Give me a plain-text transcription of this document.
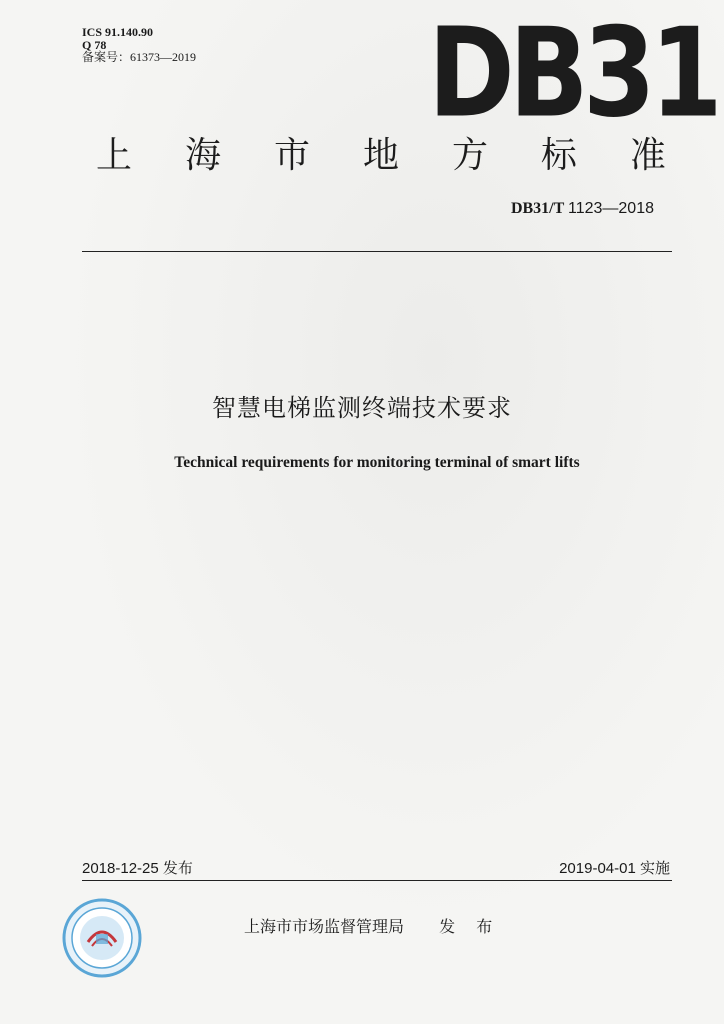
ICS 91.140.90
Q 78
备案号：61373—2019 DB31
上 海 市 地 方 标 准
DB31/T 1123—2018
智慧电梯监测终端技术要求
Technical requirements for monitoring terminal of smart lifts
2018-12-25 发布	2019-04-01 实施
上海市市场监督管理局 发 布
